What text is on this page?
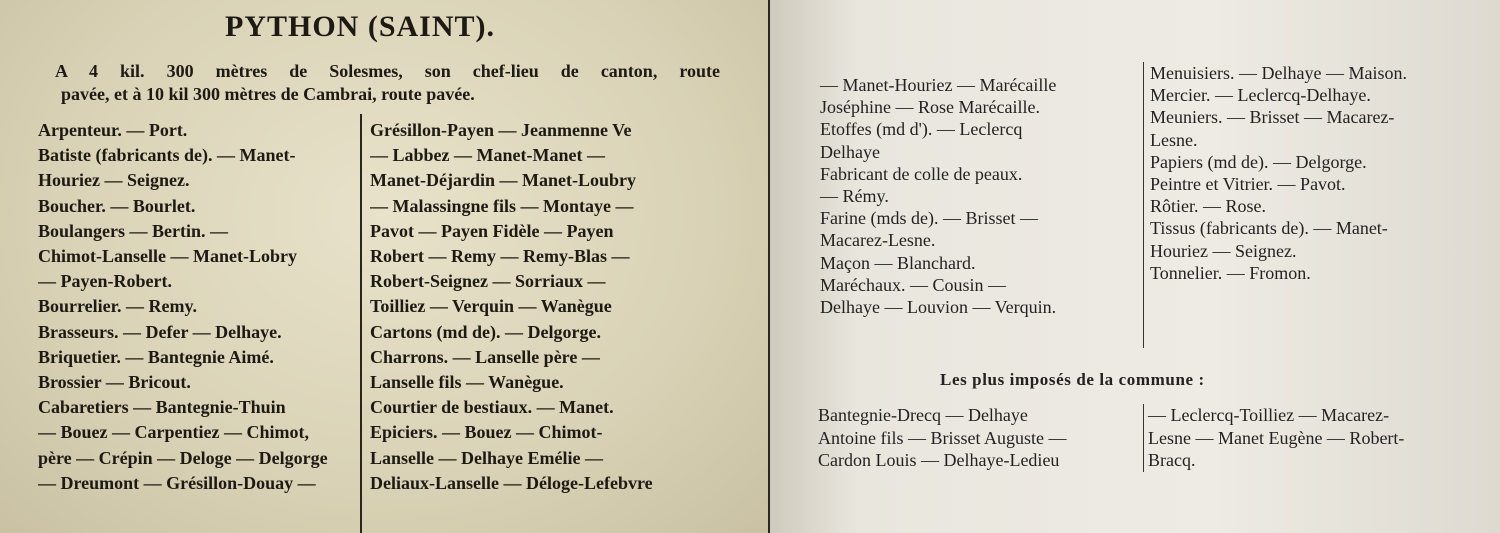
PYTHON (SAINT).
A 4 kil. 300 mètres de Solesmes, son chef-lieu de canton, route
pavée, et à 10 kil 300 mètres de Cambrai, route pavée.
Arpenteur. — Port.
Batiste (fabricants de). — Manet-
Houriez — Seignez.
Boucher. — Bourlet.
Boulangers — Bertin. —
Chimot-Lanselle — Manet-Lobry
— Payen-Robert.
Bourrelier. — Remy.
Brasseurs. — Defer — Delhaye.
Briquetier. — Bantegnie Aimé.
Brossier — Bricout.
Cabaretiers — Bantegnie-Thuin
— Bouez — Carpentiez — Chimot,
père — Crépin — Deloge — Delgorge
— Dreumont — Grésillon-Douay —
Grésillon-Payen — Jeanmenne Ve
— Labbez — Manet-Manet —
Manet-Déjardin — Manet-Loubry
— Malassingne fils — Montaye —
Pavot — Payen Fidèle — Payen
Robert — Remy — Remy-Blas —
Robert-Seignez — Sorriaux —
Toilliez — Verquin — Wanègue
Cartons (md de). — Delgorge.
Charrons. — Lanselle père —
Lanselle fils — Wanègue.
Courtier de bestiaux. — Manet.
Epiciers. — Bouez — Chimot-
Lanselle — Delhaye Emélie —
Deliaux-Lanselle — Déloge-Lefebvre
— Manet-Houriez — Marécaille
Joséphine — Rose Marécaille.
Etoffes (md d'). — Leclercq
Delhaye
Fabricant de colle de peaux.
— Rémy.
Farine (mds de). — Brisset —
Macarez-Lesne.
Maçon — Blanchard.
Maréchaux. — Cousin —
Delhaye — Louvion — Verquin.
Menuisiers. — Delhaye — Maison.
Mercier. — Leclercq-Delhaye.
Meuniers. — Brisset — Macarez-
Lesne.
Papiers (md de). — Delgorge.
Peintre et Vitrier. — Pavot.
Rôtier. — Rose.
Tissus (fabricants de). — Manet-
Houriez — Seignez.
Tonnelier. — Fromon.
Les plus imposés de la commune :
Bantegnie-Drecq — Delhaye
Antoine fils — Brisset Auguste —
Cardon Louis — Delhaye-Ledieu
— Leclercq-Toilliez — Macarez-
Lesne — Manet Eugène — Robert-
Bracq.
